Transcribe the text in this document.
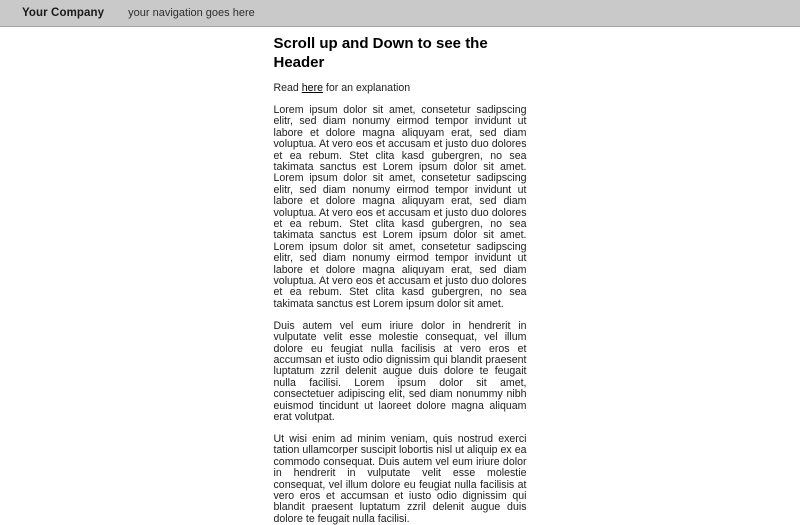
Your Company your navigation goes here
Scroll up and Down to see the Header

Read here for an explanation

Lorem ipsum dolor sit amet, consetetur sadipscing elitr, sed diam nonumy eirmod tempor invidunt ut labore et dolore magna aliquyam erat, sed diam voluptua. At vero eos et accusam et justo duo dolores et ea rebum. Stet clita kasd gubergren, no sea takimata sanctus est Lorem ipsum dolor sit amet. Lorem ipsum dolor sit amet, consetetur sadipscing elitr, sed diam nonumy eirmod tempor invidunt ut labore et dolore magna aliquyam erat, sed diam voluptua. At vero eos et accusam et justo duo dolores et ea rebum. Stet clita kasd gubergren, no sea takimata sanctus est Lorem ipsum dolor sit amet. Lorem ipsum dolor sit amet, consetetur sadipscing elitr, sed diam nonumy eirmod tempor invidunt ut labore et dolore magna aliquyam erat, sed diam voluptua. At vero eos et accusam et justo duo dolores et ea rebum. Stet clita kasd gubergren, no sea takimata sanctus est Lorem ipsum dolor sit amet.

Duis autem vel eum iriure dolor in hendrerit in vulputate velit esse molestie consequat, vel illum dolore eu feugiat nulla facilisis at vero eros et accumsan et iusto odio dignissim qui blandit praesent luptatum zzril delenit augue duis dolore te feugait nulla facilisi. Lorem ipsum dolor sit amet, consectetuer adipiscing elit, sed diam nonummy nibh euismod tincidunt ut laoreet dolore magna aliquam erat volutpat.

Ut wisi enim ad minim veniam, quis nostrud exerci tation ullamcorper suscipit lobortis nisl ut aliquip ex ea commodo consequat. Duis autem vel eum iriure dolor in hendrerit in vulputate velit esse molestie consequat, vel illum dolore eu feugiat nulla facilisis at vero eros et accumsan et iusto odio dignissim qui blandit praesent luptatum zzril delenit augue duis dolore te feugait nulla facilisi.
